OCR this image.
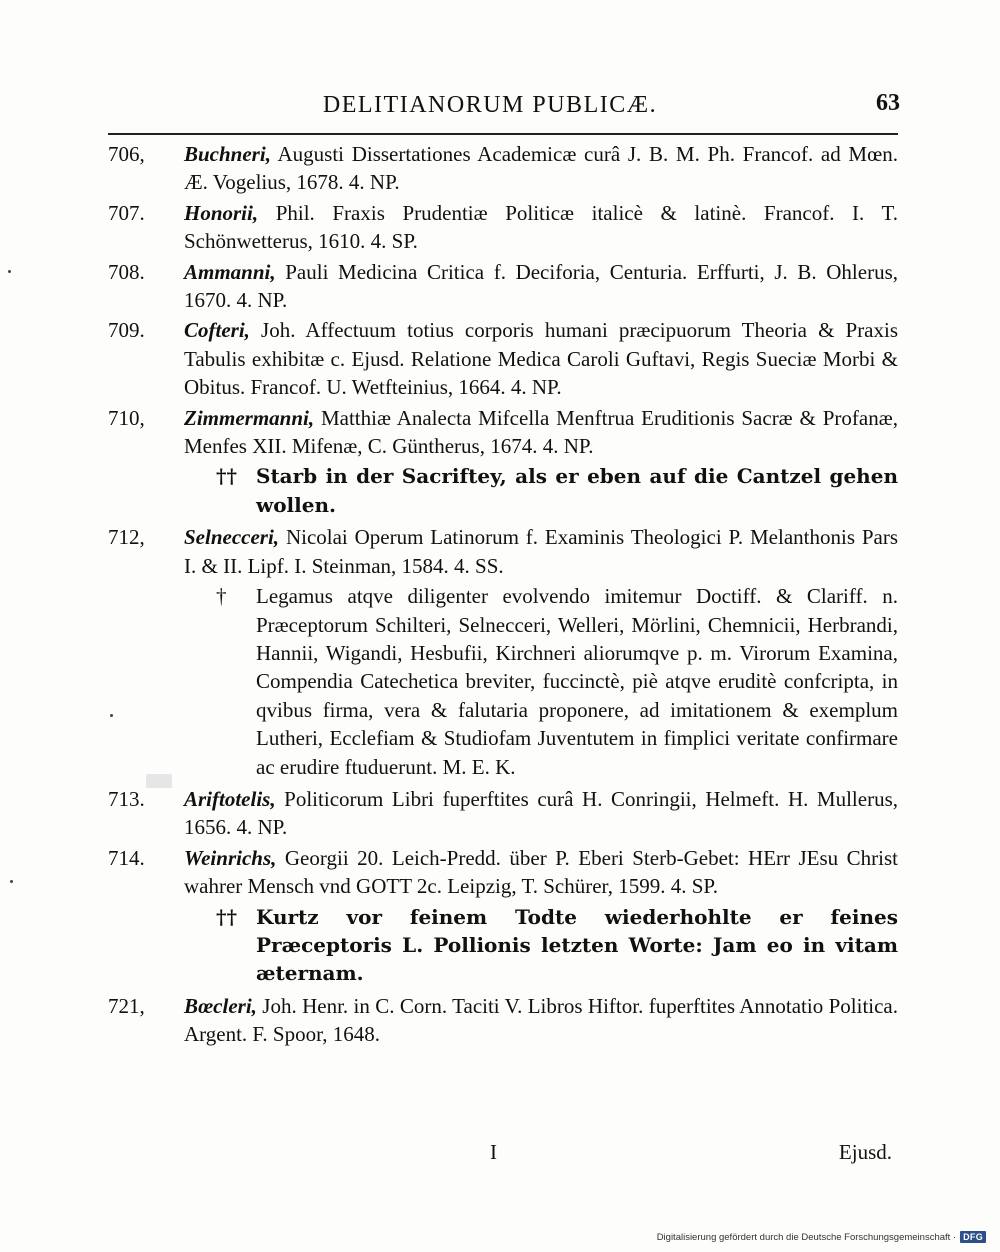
DELITIANORUM PUBLICÆ.	63
706,	Buchneri, Augusti Dissertationes Academicæ curâ J. B. M. Ph. Francof. ad Mœn. Æ. Vogelius, 1678. 4. NP.
707.	Honorii, Phil. Fraxis Prudentiæ Politicæ italicè & latinè. Francof. I. T. Schönwetterus, 1610. 4. SP.
708.	Ammanni, Pauli Medicina Critica f. Deciforia, Centuria. Erffurti, J. B. Ohlerus, 1670. 4. NP.
709.	Cofteri, Joh. Affectuum totius corporis humani præcipuorum Theoria & Praxis Tabulis exhibitæ c. Ejusd. Relatione Medica Caroli Guftavi, Regis Sueciæ Morbi & Obitus. Francof. U. Wetfteinius, 1664. 4. NP.
710,	Zimmermanni, Matthiæ Analecta Mifcella Menftrua Eruditionis Sacræ & Profanæ, Menfes XII. Mifenæ, C. Güntherus, 1674. 4. NP.
†† Starb in der Sacriftey, als er eben auf die Cantzel gehen wollen.
712,	Selnecceri, Nicolai Operum Latinorum f. Examinis Theologici P. Melanthonis Pars I. & II. Lipf. I. Steinman, 1584. 4. SS.
† Legamus atqve diligenter evolvendo imitemur Doctiff. & Clariff. n. Præceptorum Schilteri, Selnecceri, Welleri, Mörlini, Chemnicii, Herbrandi, Hannii, Wigandi, Hesbufii, Kirchneri aliorumqve p. m. Virorum Examina, Compendia Catechetica breviter, fuccinctè, piè atqve eruditè confcripta, in qvibus firma, vera & falutaria proponere, ad imitationem & exemplum Lutheri, Ecclefiam & Studiofam Juventutem in fimplici veritate confirmare ac erudire ftuduerunt. M. E. K.
713.	Ariftotelis, Politicorum Libri fuperftites curâ H. Conringii, Helmeft. H. Mullerus, 1656. 4. NP.
714.	Weinrichs, Georgii 20. Leich-Predd. über P. Eberi Sterb-Gebet: HErr JEsu Christ wahrer Mensch vnd GOTT 2c. Leipzig, T. Schürer, 1599. 4. SP.
†† Kurtz vor feinem Todte wiederhohlte er feines Præceptoris L. Pollionis letzten Worte: Jam eo in vitam æternam.
721,	Bœcleri, Joh. Henr. in C. Corn. Taciti V. Libros Hiftor. fuperftites Annotatio Politica. Argent. F. Spoor, 1648.
I	Ejusd.
Digitalisierung gefördert durch die Deutsche Forschungsgemeinschaft · DFG
